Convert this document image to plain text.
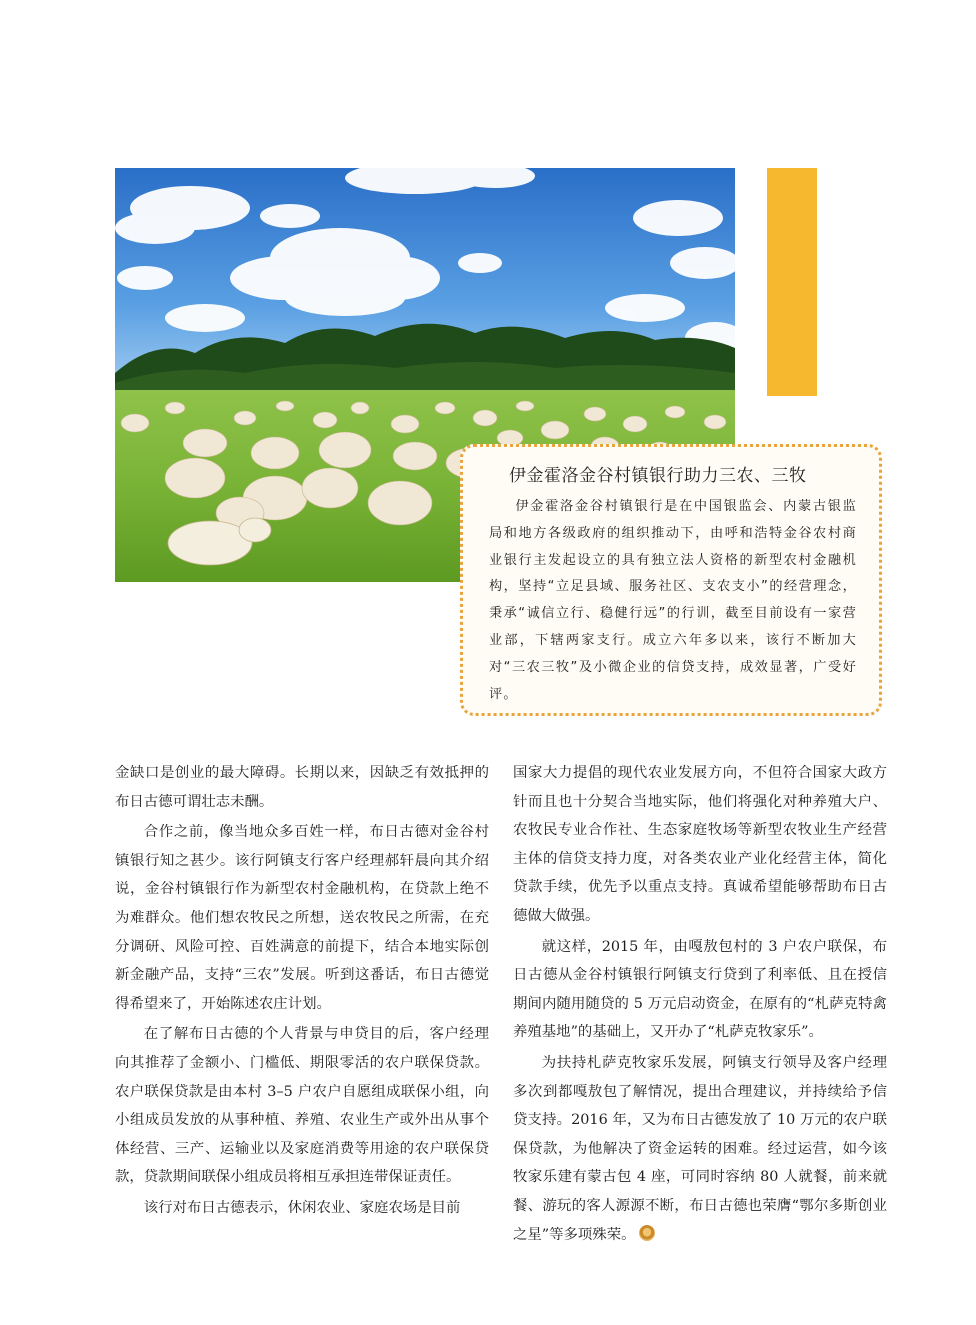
伊金霍洛金谷村镇银行助力三农、三牧

伊金霍洛金谷村镇银行是在中国银监会、内蒙古银监局和地方各级政府的组织推动下，由呼和浩特金谷农村商业银行主发起设立的具有独立法人资格的新型农村金融机构，坚持“立足县域、服务社区、支农支小”的经营理念，秉承“诚信立行、稳健行远”的行训，截至目前设有一家营业部，下辖两家支行。成立六年多以来，该行不断加大对“三农三牧”及小微企业的信贷支持，成效显著，广受好评。

金缺口是创业的最大障碍。长期以来，因缺乏有效抵押的布日古德可谓壮志未酬。

合作之前，像当地众多百姓一样，布日古德对金谷村镇银行知之甚少。该行阿镇支行客户经理郝轩晨向其介绍说，金谷村镇银行作为新型农村金融机构，在贷款上绝不为难群众。他们想农牧民之所想，送农牧民之所需，在充分调研、风险可控、百姓满意的前提下，结合本地实际创新金融产品，支持“三农”发展。听到这番话，布日古德觉得希望来了，开始陈述农庄计划。

在了解布日古德的个人背景与申贷目的后，客户经理向其推荐了金额小、门槛低、期限零活的农户联保贷款。农户联保贷款是由本村 3–5 户农户自愿组成联保小组，向小组成员发放的从事种植、养殖、农业生产或外出从事个体经营、三产、运输业以及家庭消费等用途的农户联保贷款，贷款期间联保小组成员将相互承担连带保证责任。

该行对布日古德表示，休闲农业、家庭农场是目前

国家大力提倡的现代农业发展方向，不但符合国家大政方针而且也十分契合当地实际，他们将强化对种养殖大户、农牧民专业合作社、生态家庭牧场等新型农牧业生产经营主体的信贷支持力度，对各类农业产业化经营主体，简化贷款手续，优先予以重点支持。真诚希望能够帮助布日古德做大做强。

就这样，2015 年，由嘎敖包村的 3 户农户联保，布日古德从金谷村镇银行阿镇支行贷到了利率低、且在授信期间内随用随贷的 5 万元启动资金，在原有的“札萨克特禽养殖基地”的基础上，又开办了“札萨克牧家乐”。

为扶持札萨克牧家乐发展，阿镇支行领导及客户经理多次到都嘎敖包了解情况，提出合理建议，并持续给予信贷支持。2016 年，又为布日古德发放了 10 万元的农户联保贷款，为他解决了资金运转的困难。经过运营，如今该牧家乐建有蒙古包 4 座，可同时容纳 80 人就餐，前来就餐、游玩的客人源源不断，布日古德也荣膺“鄂尔多斯创业之星”等多项殊荣。
